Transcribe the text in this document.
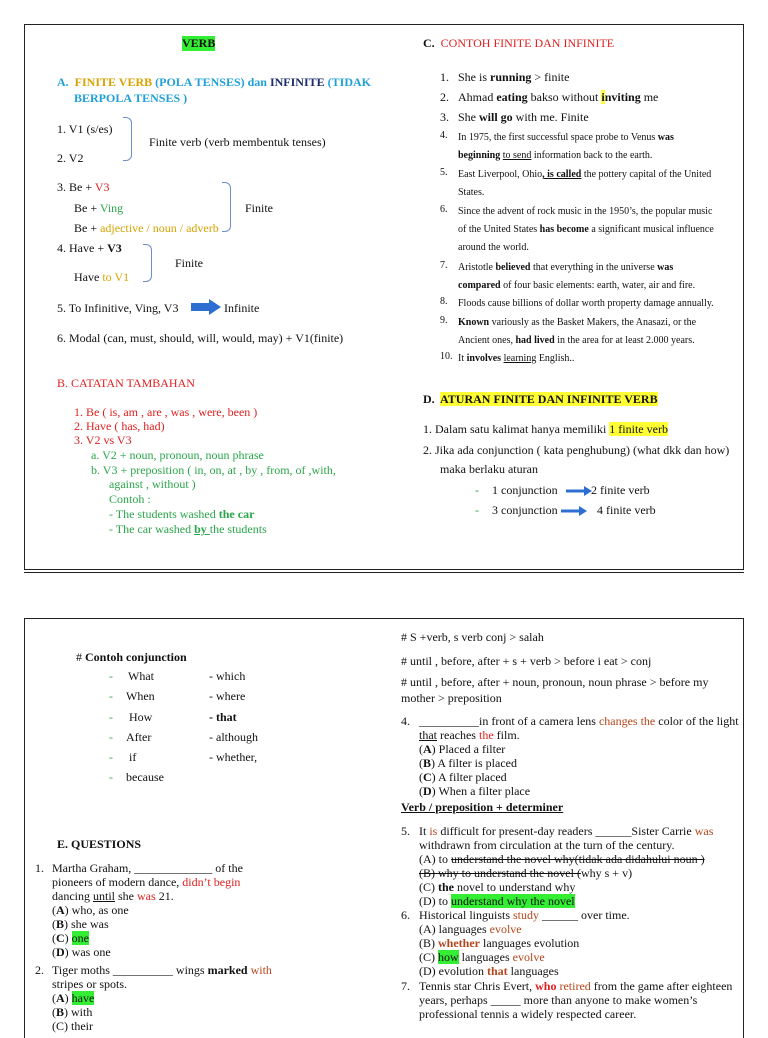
VERB
A. FINITE VERB (POLA TENSES) dan INFINITE (TIDAK
BERPOLA TENSES )
1. V1 (s/es)
2. V2
Finite verb (verb membentuk tenses)
3. Be + V3
Be + Ving
Be + adjective / noun / adverb
Finite
4. Have + V3
Have to V1
Finite
5. To Infinitive, Ving, V3	Infinite
6. Modal (can, must, should, will, would, may) + V1(finite)
B. CATATAN TAMBAHAN
1. Be ( is, am , are , was , were, been )
2. Have ( has, had)
3. V2 vs V3
a. V2 + noun, pronoun, noun phrase
b. V3 + preposition ( in, on, at , by , from, of ,with,
against , without )
Contoh :
- The students washed the car
- The car washed by the students
C. CONTOH FINITE DAN INFINITE
1. She is running > finite
2. Ahmad eating bakso without inviting me
3. She will go with me. Finite
4. In 1975, the first successful space probe to Venus was
beginning to send information back to the earth.
5. East Liverpool, Ohio, is called the pottery capital of the United
States.
6. Since the advent of rock music in the 1950’s, the popular music
of the United States has become a significant musical influence
around the world.
7. Aristotle believed that everything in the universe was
compared of four basic elements: earth, water, air and fire.
8. Floods cause billions of dollar worth property damage annually.
9. Known variously as the Basket Makers, the Anasazi, or the
Ancient ones, had lived in the area for at least 2.000 years.
10. It involves learning English..
D. ATURAN FINITE DAN INFINITE VERB
1. Dalam satu kalimat hanya memiliki 1 finite verb
2. Jika ada conjunction ( kata penghubung) (what dkk dan how)
maka berlaku aturan
- 1 conjunction	2 finite verb
- 3 conjunction	4 finite verb
# Contoh conjunction
- What
- When
- How
- After
- if
- because
- which
- where
- that
- although
- whether,
E. QUESTIONS
1. Martha Graham, _____________ of the
pioneers of modern dance, didn’t begin
dancing until she was 21.
(A) who, as one
(B) she was
(C) one
(D) was one
2. Tiger moths __________ wings marked with
stripes or spots.
(A) have
(B) with
(C) their
# S +verb, s verb conj > salah
# until , before, after + s + verb > before i eat > conj
# until , before, after + noun, pronoun, noun phrase > before my
mother > preposition
4. __________in front of a camera lens changes the color of the light
that reaches the film.
(A) Placed a filter
(B) A filter is placed
(C) A filter placed
(D) When a filter place
Verb / preposition + determiner
5. It is difficult for present-day readers ______Sister Carrie was
withdrawn from circulation at the turn of the century.
(A) to understand the novel why(tidak ada didahului noun )
(B) why to understand the novel (why s + v)
(C) the novel to understand why
(D) to understand why the novel
6. Historical linguists study ______ over time.
(A) languages evolve
(B) whether languages evolution
(C) how languages evolve
(D) evolution that languages
7. Tennis star Chris Evert, who retired from the game after eighteen
years, perhaps _____ more than anyone to make women’s
professional tennis a widely respected career.
